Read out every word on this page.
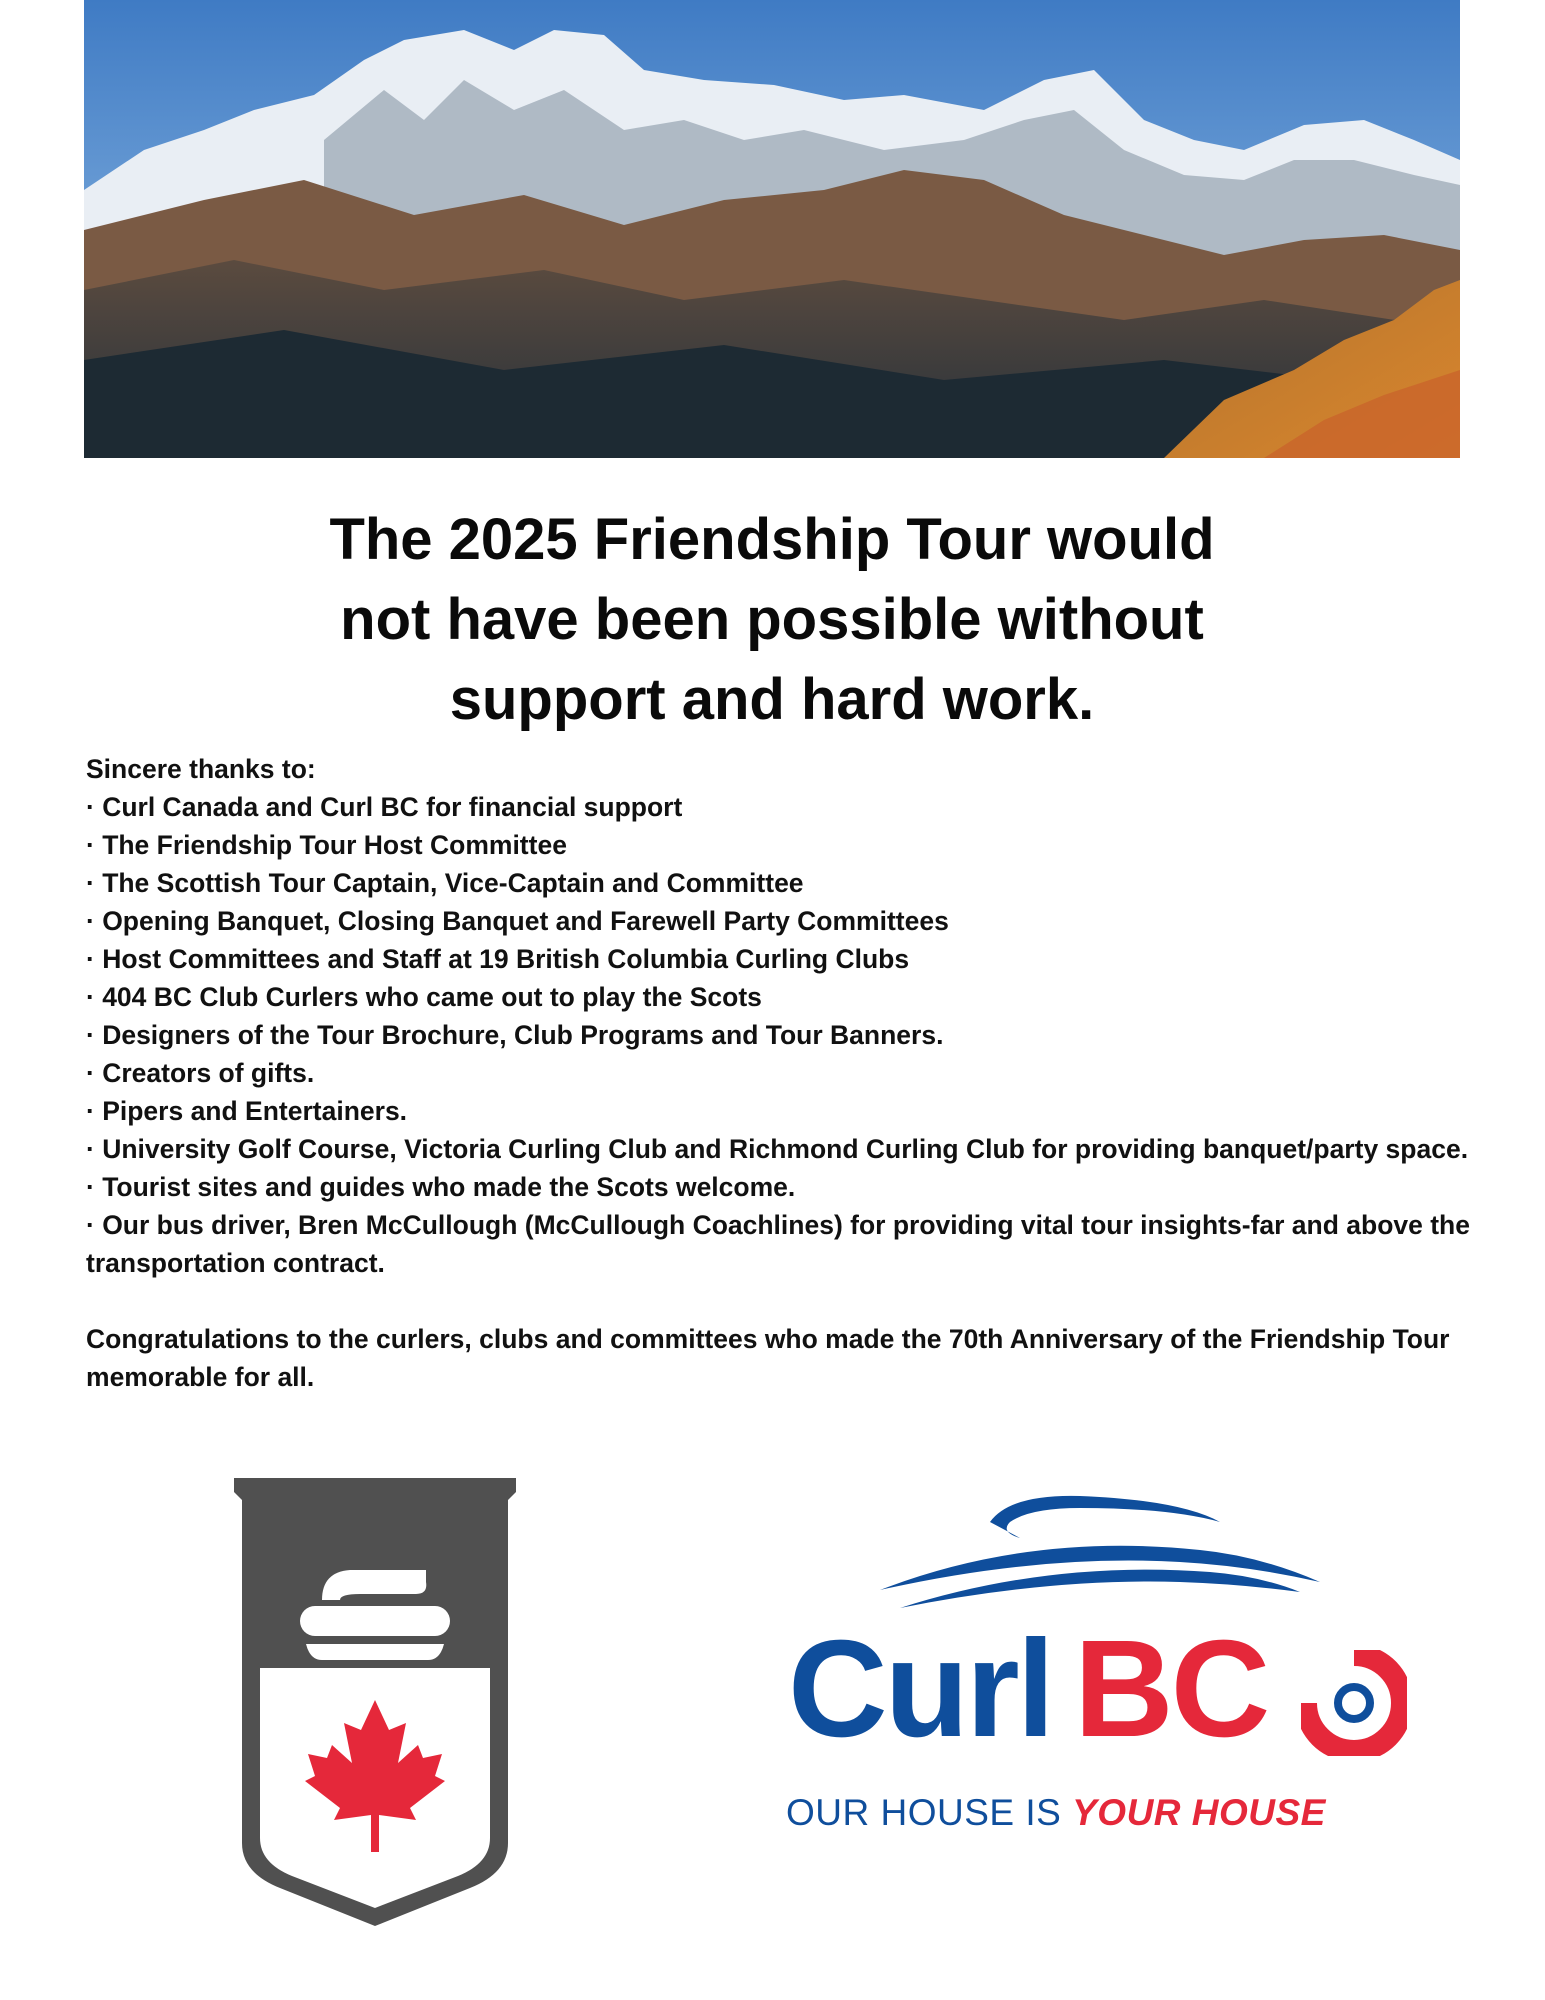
The 2025 Friendship Tour would
not have been possible without
support and hard work.

Sincere thanks to:

· Curl Canada and Curl BC for financial support

· The Friendship Tour Host Committee

· The Scottish Tour Captain, Vice-Captain and Committee

· Opening Banquet, Closing Banquet and Farewell Party Committees

· Host Committees and Staff at 19 British Columbia Curling Clubs

· 404 BC Club Curlers who came out to play the Scots

· Designers of the Tour Brochure, Club Programs and Tour Banners.

· Creators of gifts.

· Pipers and Entertainers.

· University Golf Course, Victoria Curling Club and Richmond Curling Club for providing banquet/party space.

· Tourist sites and guides who made the Scots welcome.

· Our bus driver, Bren McCullough (McCullough Coachlines) for providing vital tour insights-far and above the transportation contract.

Congratulations to the curlers, clubs and committees who made the 70th Anniversary of the Friendship Tour memorable for all.

Curl BC
OUR HOUSE IS YOUR HOUSE
